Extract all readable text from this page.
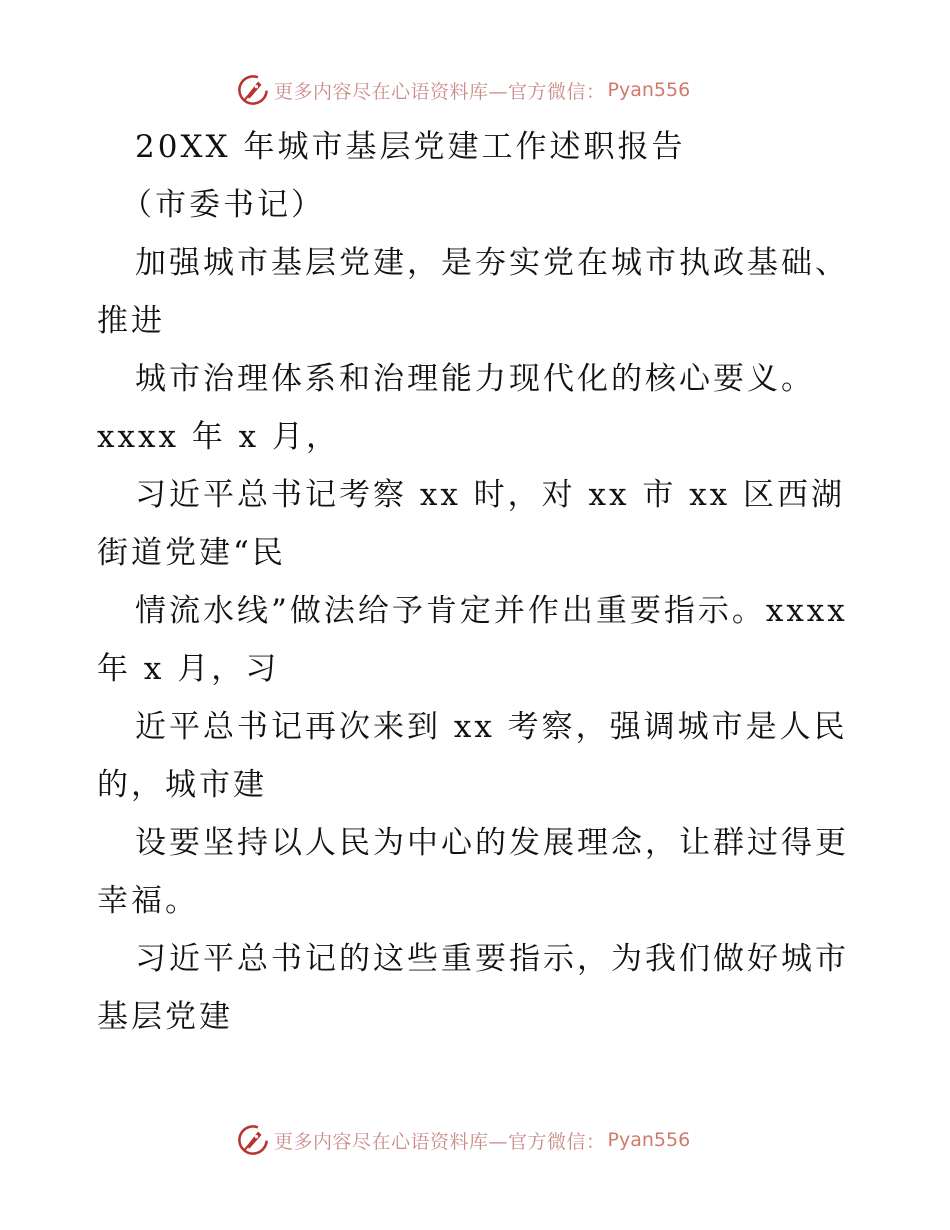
更多内容尽在心语资料库—官方微信： Pyan556
20XX 年城市基层党建工作述职报告
（市委书记）
加强城市基层党建，是夯实党在城市执政基础、
推进
城市治理体系和治理能力现代化的核心要义。
xxxx 年 x 月，
习近平总书记考察 xx 时，对 xx 市 xx 区西湖
街道党建“民
情流水线”做法给予肯定并作出重要指示。xxxx
年 x 月，习
近平总书记再次来到 xx 考察，强调城市是人民
的，城市建
设要坚持以人民为中心的发展理念，让群过得更
幸福。
习近平总书记的这些重要指示，为我们做好城市
基层党建
更多内容尽在心语资料库—官方微信： Pyan556
